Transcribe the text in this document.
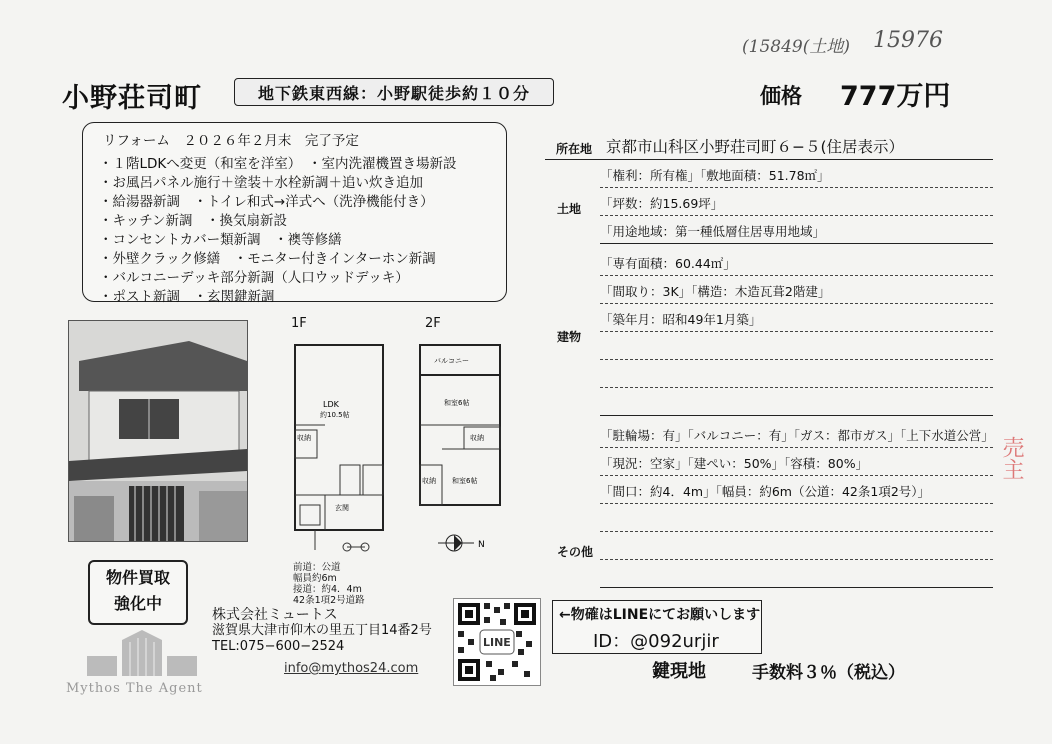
(15849(土地) 15976
小野荘司町	地下鉄東西線：小野駅徒歩約１０分	価格 777万円
リフォーム　２０２６年２月末　完了予定
・１階LDKへ変更（和室を洋室）　・室内洗濯機置き場新設
・お風呂パネル施行＋塗装＋水栓新調＋追い炊き追加
・給湯器新調　・トイレ和式→洋式へ（洗浄機能付き）
・キッチン新調　・換気扇新設
・コンセントカバー類新調　・襖等修繕
・外壁クラック修繕　・モニター付きインターホン新調
・バルコニーデッキ部分新調（人口ウッドデッキ）
・ポスト新調　・玄関鍵新調
所在地 京都市山科区小野荘司町６−５(住居表示）
土地
「権利：所有権」「敷地面積：51.78㎡」
「坪数：約15.69坪」
「用途地域：第一種低層住居専用地域」
建物
「専有面積：60.44㎡」
「間取り：3K」「構造：木造瓦葺2階建」
「築年月：昭和49年1月築」
その他
「駐輪場：有」「バルコニー：有」「ガス：都市ガス」「上下水道公営」
「現況：空家」「建ぺい：50%」「容積：80%」
「間口：約4．4m」「幅員：約6m（公道：42条1項2号）」
売主
1F	2F
LDK
約10.5帖
収納
玄関
バルコニー
和室6帖
収納
収納 和室6帖
N
前道：公道
幅員約6m
接道：約4．4m
42条1項2号道路
物件買取
強化中
Mythos The Agent
株式会社ミュートス
滋賀県大津市仰木の里五丁目14番2号
TEL:075−600−2524
info@mythos24.com
LINE
←物確はLINEにてお願いします
ID：@092urjir
鍵現地	手数料３％（税込）
